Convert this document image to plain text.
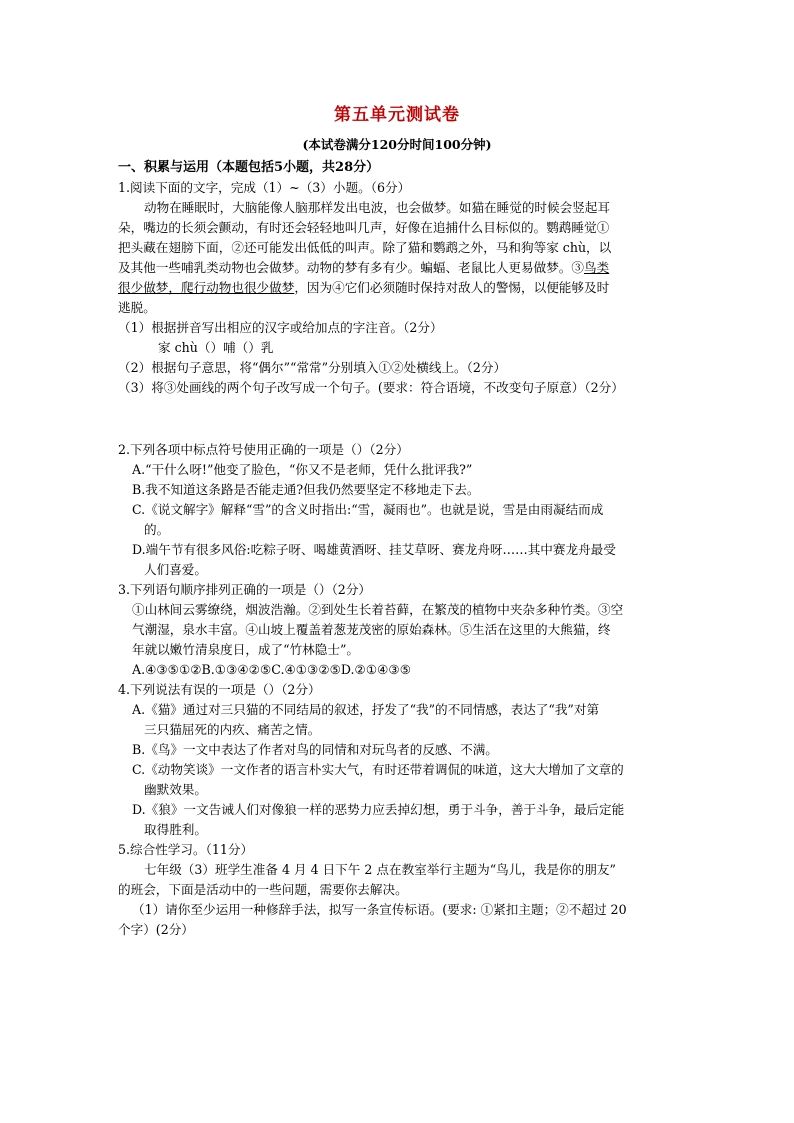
第五单元测试卷
(本试卷满分120分时间100分钟)
一、积累与运用（本题包括5小题，共28分）
1.阅读下面的文字，完成（1）~（3）小题。（6分）
动物在睡眠时，大脑能像人脑那样发出电波，也会做梦。如猫在睡觉的时候会竖起耳
朵，嘴边的长须会颤动，有时还会轻轻地叫几声，好像在追捕什么目标似的。鹦鹉睡觉①
把头藏在翅膀下面，②还可能发出低低的叫声。除了猫和鹦鹉之外，马和狗等家 chù，以
及其他一些哺乳类动物也会做梦。动物的梦有多有少。蝙蝠、老鼠比人更易做梦。③鸟类
很少做梦，爬行动物也很少做梦，因为④它们必须随时保持对敌人的警惕，以便能够及时
逃脱。
（1）根据拼音写出相应的汉字或给加点的字注音。（2分）
家 chù（）哺（）乳
（2）根据句子意思，将“偶尔”“常常”分别填入①②处横线上。（2分）
（3）将③处画线的两个句子改写成一个句子。(要求：符合语境，不改变句子原意）（2分）
2.下列各项中标点符号使用正确的一项是（）（2分）
A.“干什么呀!”他变了脸色，“你又不是老师，凭什么批评我?”
B.我不知道这条路是否能走通?但我仍然要坚定不移地走下去。
C.《说文解字》解释“雪”的含义时指出:“雪，凝雨也”。也就是说，雪是由雨凝结而成
的。
D.端午节有很多风俗:吃粽子呀、喝雄黄酒呀、挂艾草呀、赛龙舟呀……其中赛龙舟最受
人们喜爱。
3.下列语句顺序排列正确的一项是（）（2分）
①山林间云雾缭绕，烟波浩瀚。②到处生长着苔藓，在繁茂的植物中夹杂多种竹类。③空
气潮湿，泉水丰富。④山坡上覆盖着葱茏茂密的原始森林。⑤生活在这里的大熊猫，终
年就以嫩竹清泉度日，成了“竹林隐士”。
A.④③⑤①②B.①③④②⑤C.④①③②⑤D.②①④③⑤
4.下列说法有误的一项是（）（2分）
A.《猫》通过对三只猫的不同结局的叙述，抒发了“我”的不同情感，表达了“我”对第
三只猫屈死的内疚、痛苦之情。
B.《鸟》一文中表达了作者对鸟的同情和对玩鸟者的反感、不满。
C.《动物笑谈》一文作者的语言朴实大气，有时还带着调侃的味道，这大大增加了文章的
幽默效果。
D.《狼》一文告诫人们对像狼一样的恶势力应丢掉幻想，勇于斗争，善于斗争，最后定能
取得胜利。
5.综合性学习。（11分）
七年级（3）班学生准备 4 月 4 日下午 2 点在教室举行主题为“鸟儿，我是你的朋友”
的班会，下面是活动中的一些问题，需要你去解决。
（1）请你至少运用一种修辞手法，拟写一条宣传标语。(要求: ①紧扣主题；②不超过 20
个字）(2分）
